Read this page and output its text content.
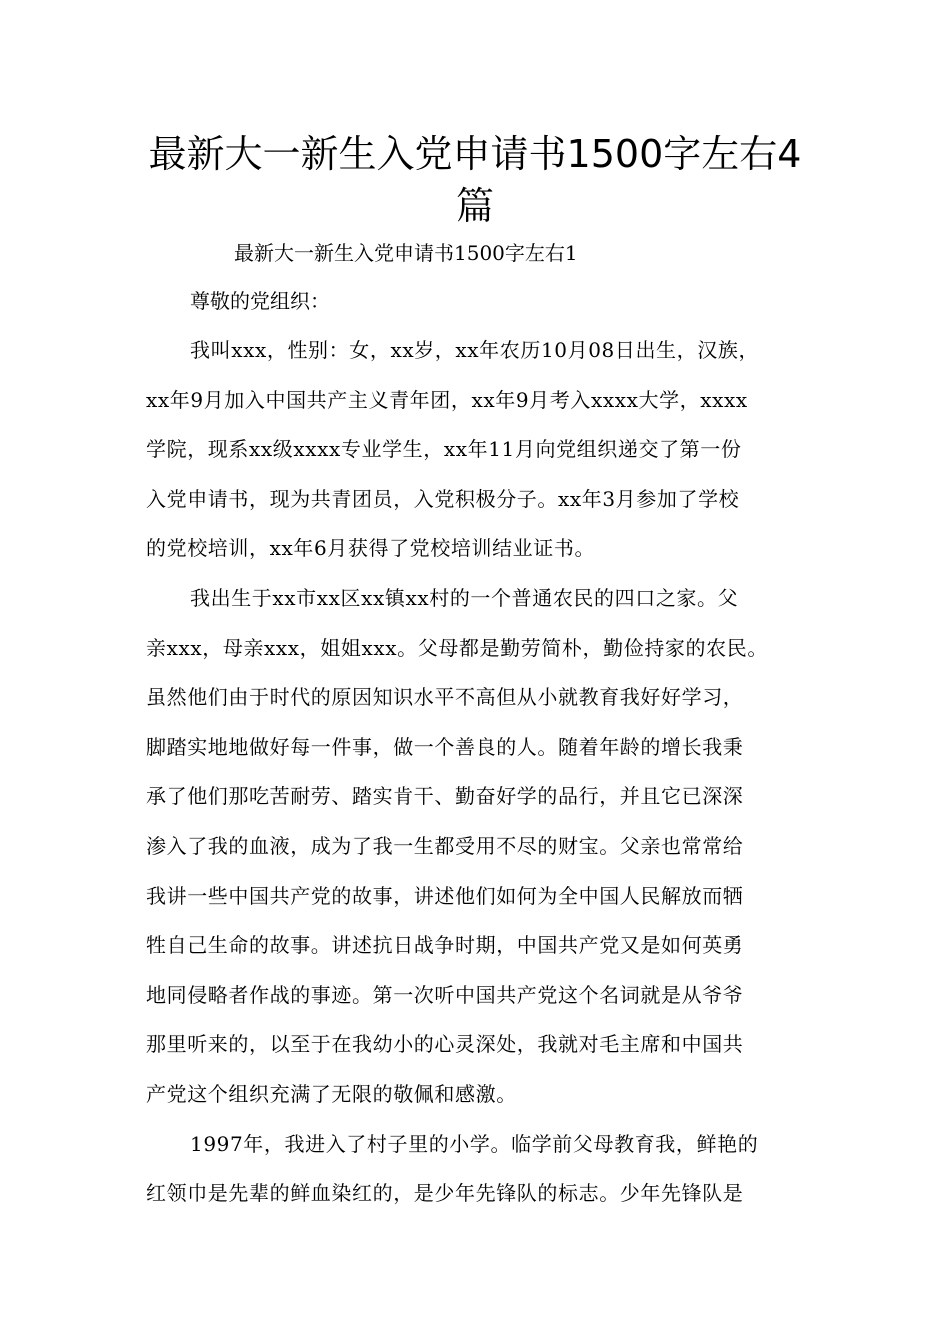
最新大一新生入党申请书1500字左右4
篇
最新大一新生入党申请书1500字左右1
尊敬的党组织：
我叫xxx，性别：女，xx岁，xx年农历10月08日出生，汉族，
xx年9月加入中国共产主义青年团，xx年9月考入xxxx大学，xxxx
学院，现系xx级xxxx专业学生，xx年11月向党组织递交了第一份
入党申请书，现为共青团员，入党积极分子。xx年3月参加了学校
的党校培训，xx年6月获得了党校培训结业证书。
我出生于xx市xx区xx镇xx村的一个普通农民的四口之家。父
亲xxx，母亲xxx，姐姐xxx。父母都是勤劳简朴，勤俭持家的农民。
虽然他们由于时代的原因知识水平不高但从小就教育我好好学习，
脚踏实地地做好每一件事，做一个善良的人。随着年龄的增长我秉
承了他们那吃苦耐劳、踏实肯干、勤奋好学的品行，并且它已深深
渗入了我的血液，成为了我一生都受用不尽的财宝。父亲也常常给
我讲一些中国共产党的故事，讲述他们如何为全中国人民解放而牺
牲自己生命的故事。讲述抗日战争时期，中国共产党又是如何英勇
地同侵略者作战的事迹。第一次听中国共产党这个名词就是从爷爷
那里听来的，以至于在我幼小的心灵深处，我就对毛主席和中国共
产党这个组织充满了无限的敬佩和感激。
1997年，我进入了村子里的小学。临学前父母教育我，鲜艳的
红领巾是先辈的鲜血染红的，是少年先锋队的标志。少年先锋队是
